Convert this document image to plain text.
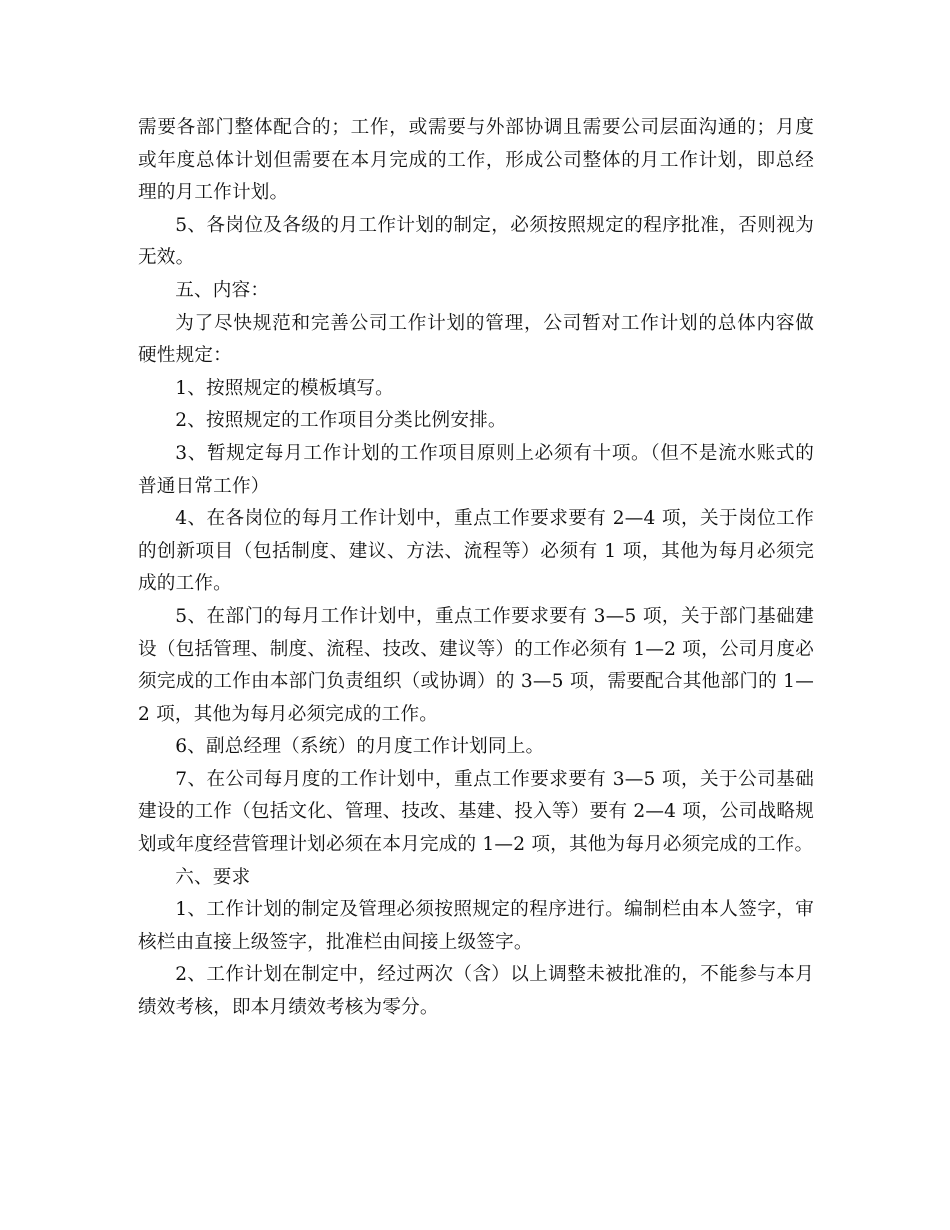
需要各部门整体配合的；工作，或需要与外部协调且需要公司层面沟通的；月度或年度总体计划但需要在本月完成的工作，形成公司整体的月工作计划，即总经理的月工作计划。

5、各岗位及各级的月工作计划的制定，必须按照规定的程序批准，否则视为无效。

五、内容：

为了尽快规范和完善公司工作计划的管理，公司暂对工作计划的总体内容做硬性规定：

1、按照规定的模板填写。

2、按照规定的工作项目分类比例安排。

3、暂规定每月工作计划的工作项目原则上必须有十项。（但不是流水账式的普通日常工作）

4、在各岗位的每月工作计划中，重点工作要求要有 2—4 项，关于岗位工作的创新项目（包括制度、建议、方法、流程等）必须有 1 项，其他为每月必须完成的工作。

5、在部门的每月工作计划中，重点工作要求要有 3—5 项，关于部门基础建设（包括管理、制度、流程、技改、建议等）的工作必须有 1—2 项，公司月度必须完成的工作由本部门负责组织（或协调）的 3—5 项，需要配合其他部门的 1—2 项，其他为每月必须完成的工作。

6、副总经理（系统）的月度工作计划同上。

7、在公司每月度的工作计划中，重点工作要求要有 3—5 项，关于公司基础建设的工作（包括文化、管理、技改、基建、投入等）要有 2—4 项，公司战略规划或年度经营管理计划必须在本月完成的 1—2 项，其他为每月必须完成的工作。

六、要求

1、工作计划的制定及管理必须按照规定的程序进行。编制栏由本人签字，审核栏由直接上级签字，批准栏由间接上级签字。

2、工作计划在制定中，经过两次（含）以上调整未被批准的，不能参与本月绩效考核，即本月绩效考核为零分。
